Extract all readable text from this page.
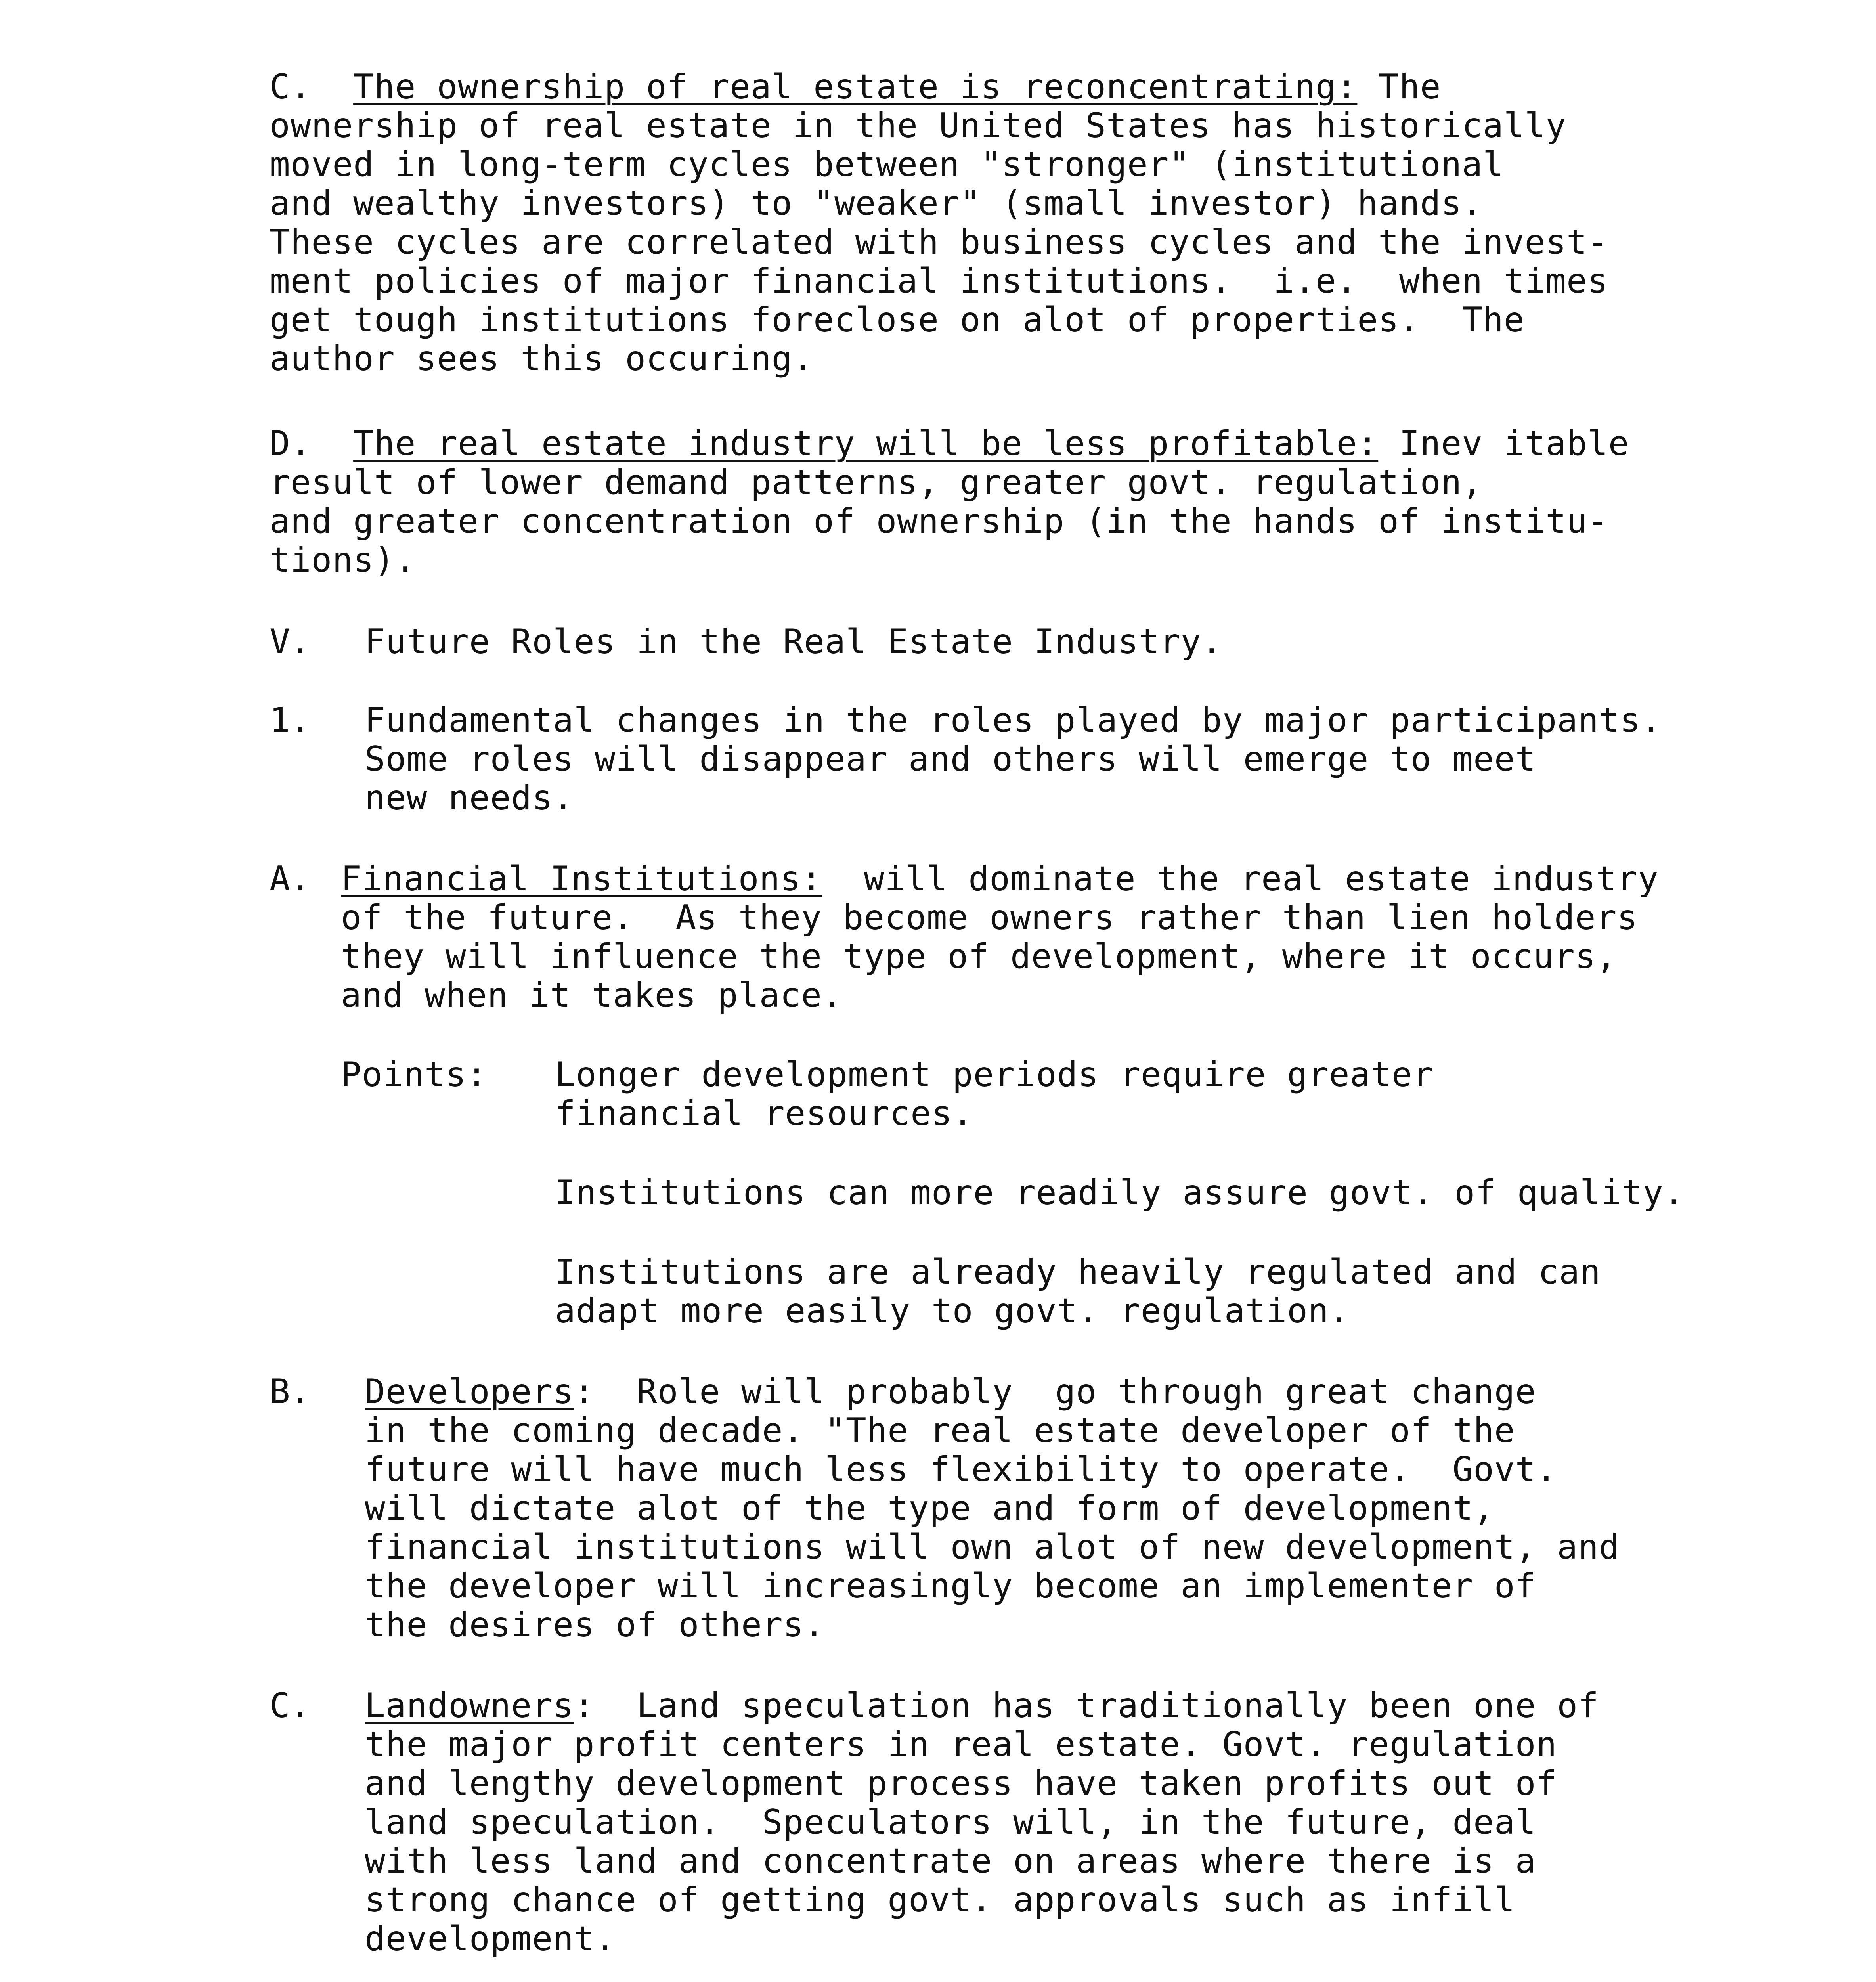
C. The ownership of real estate is reconcentrating: The
ownership of real estate in the United States has historically
moved in long-term cycles between "stronger" (institutional
and wealthy investors) to "weaker" (small investor) hands.
These cycles are correlated with business cycles and the invest-
ment policies of major financial institutions.  i.e.  when times
get tough institutions foreclose on alot of properties.  The
author sees this occuring.
D. The real estate industry will be less profitable: Inev itable
result of lower demand patterns, greater govt. regulation,
and greater concentration of ownership (in the hands of institu-
tions).
V. Future Roles in the Real Estate Industry.
1. Fundamental changes in the roles played by major participants.
Some roles will disappear and others will emerge to meet
new needs.
A. Financial Institutions:  will dominate the real estate industry
of the future.  As they become owners rather than lien holders
they will influence the type of development, where it occurs,
and when it takes place.
Points: Longer development periods require greater
financial resources.
Institutions can more readily assure govt. of quality.
Institutions are already heavily regulated and can
adapt more easily to govt. regulation.
B. Developers:  Role will probably  go through great change
in the coming decade. "The real estate developer of the
future will have much less flexibility to operate.  Govt.
will dictate alot of the type and form of development,
financial institutions will own alot of new development, and
the developer will increasingly become an implementer of
the desires of others.
C. Landowners:  Land speculation has traditionally been one of
the major profit centers in real estate. Govt. regulation
and lengthy development process have taken profits out of
land speculation.  Speculators will, in the future, deal
with less land and concentrate on areas where there is a
strong chance of getting govt. approvals such as infill
development.
